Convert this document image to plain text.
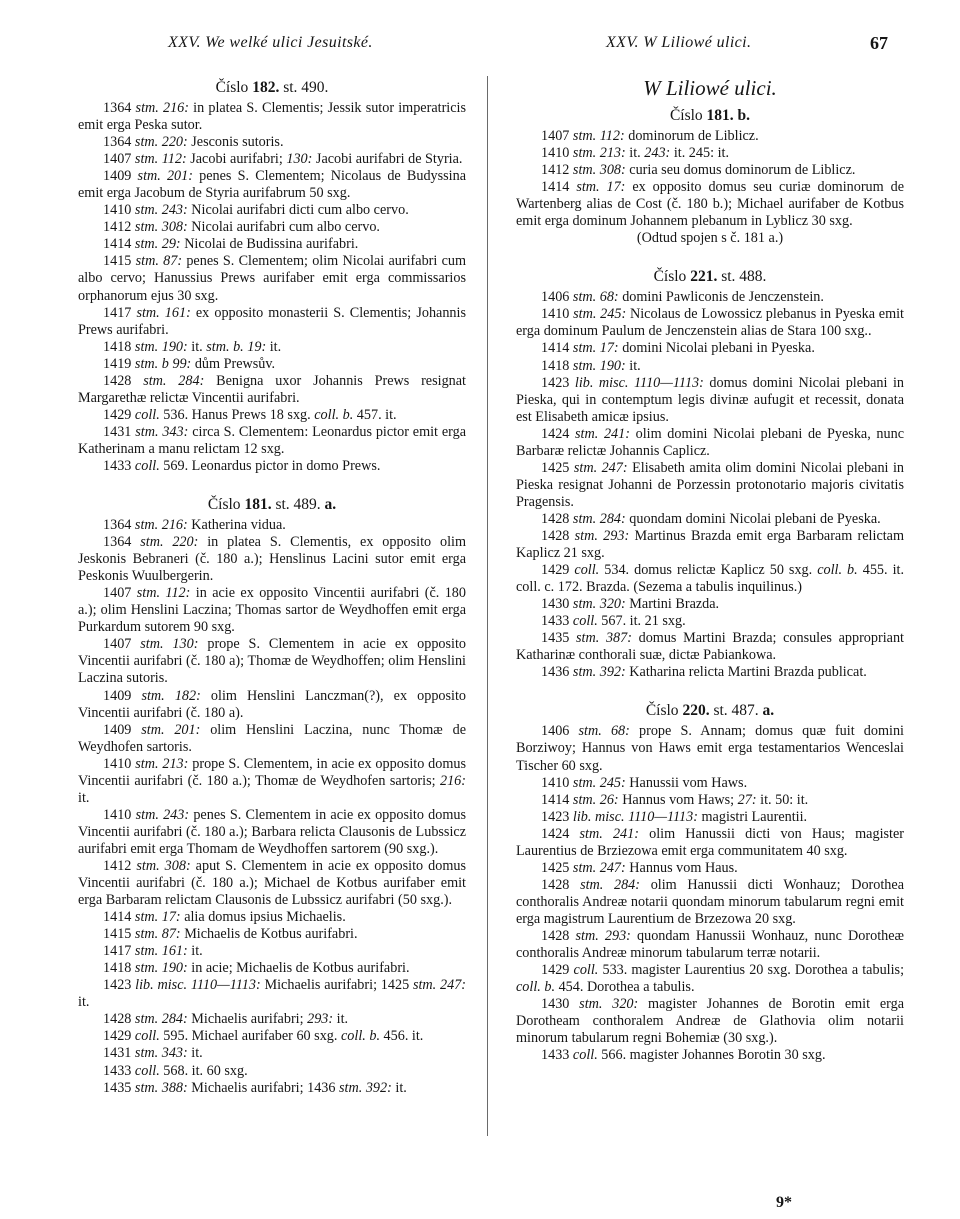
XXV. We welké ulici Jesuitské.	XXV. W Liliowé ulici.	67

Číslo 182. st. 490.

1364 stm. 216: in platea S. Clementis; Jessik sutor imperatricis emit erga Peska sutor.

1364 stm. 220: Jesconis sutoris.

1407 stm. 112: Jacobi aurifabri; 130: Jacobi aurifabri de Styria.

1409 stm. 201: penes S. Clementem; Nicolaus de Budyssina emit erga Jacobum de Styria aurifabrum 50 sxg.

1410 stm. 243: Nicolai aurifabri dicti cum albo cervo.

1412 stm. 308: Nicolai aurifabri cum albo cervo.

1414 stm. 29: Nicolai de Budissina aurifabri.

1415 stm. 87: penes S. Clementem; olim Nicolai aurifabri cum albo cervo; Hanussius Prews aurifaber emit erga commissarios orphanorum ejus 30 sxg.

1417 stm. 161: ex opposito monasterii S. Clementis; Johannis Prews aurifabri.

1418 stm. 190: it. stm. b. 19: it.

1419 stm. b 99: dům Prewsův.

1428 stm. 284: Benigna uxor Johannis Prews resignat Margarethæ relictæ Vincentii aurifabri.

1429 coll. 536. Hanus Prews 18 sxg. coll. b. 457. it.

1431 stm. 343: circa S. Clementem: Leonardus pictor emit erga Katherinam a manu relictam 12 sxg.

1433 coll. 569. Leonardus pictor in domo Prews.

Číslo 181. st. 489. a.

1364 stm. 216: Katherina vidua.

1364 stm. 220: in platea S. Clementis, ex opposito olim Jeskonis Bebraneri (č. 180 a.); Henslinus Lacini sutor emit erga Peskonis Wuulbergerin.

1407 stm. 112: in acie ex opposito Vincentii aurifabri (č. 180 a.); olim Henslini Laczina; Thomas sartor de Weydhoffen emit erga Purkardum sutorem 90 sxg.

1407 stm. 130: prope S. Clementem in acie ex opposito Vincentii aurifabri (č. 180 a); Thomæ de Weydhoffen; olim Henslini Laczina sutoris.

1409 stm. 182: olim Henslini Lanczman(?), ex opposito Vincentii aurifabri (č. 180 a).

1409 stm. 201: olim Henslini Laczina, nunc Thomæ de Weydhofen sartoris.

1410 stm. 213: prope S. Clementem, in acie ex opposito domus Vincentii aurifabri (č. 180 a.); Thomæ de Weydhofen sartoris; 216: it.

1410 stm. 243: penes S. Clementem in acie ex opposito domus Vincentii aurifabri (č. 180 a.); Barbara relicta Clausonis de Lubssicz aurifabri emit erga Thomam de Weydhoffen sartorem (90 sxg.).

1412 stm. 308: aput S. Clementem in acie ex opposito domus Vincentii aurifabri (č. 180 a.); Michael de Kotbus aurifaber emit erga Barbaram relictam Clausonis de Lubssicz aurifabri (50 sxg.).

1414 stm. 17: alia domus ipsius Michaelis.

1415 stm. 87: Michaelis de Kotbus aurifabri.

1417 stm. 161: it.

1418 stm. 190: in acie; Michaelis de Kotbus aurifabri.

1423 lib. misc. 1110—1113: Michaelis aurifabri; 1425 stm. 247: it.

1428 stm. 284: Michaelis aurifabri; 293: it.

1429 coll. 595. Michael aurifaber 60 sxg. coll. b. 456. it.

1431 stm. 343: it.

1433 coll. 568. it. 60 sxg.

1435 stm. 388: Michaelis aurifabri; 1436 stm. 392: it.

W Liliowé ulici.

Číslo 181. b.

1407 stm. 112: dominorum de Liblicz.

1410 stm. 213: it. 243: it. 245: it.

1412 stm. 308: curia seu domus dominorum de Liblicz.

1414 stm. 17: ex opposito domus seu curiæ dominorum de Wartenberg alias de Cost (č. 180 b.); Michael aurifaber de Kotbus emit erga dominum Johannem plebanum in Lyblicz 30 sxg.

(Odtud spojen s č. 181 a.)

Číslo 221. st. 488.

1406 stm. 68: domini Pawliconis de Jenczenstein.

1410 stm. 245: Nicolaus de Lowossicz plebanus in Pyeska emit erga dominum Paulum de Jenczenstein alias de Stara 100 sxg..

1414 stm. 17: domini Nicolai plebani in Pyeska.

1418 stm. 190: it.

1423 lib. misc. 1110—1113: domus domini Nicolai plebani in Pieska, qui in contemptum legis divinæ aufugit et recessit, donata est Elisabeth amicæ ipsius.

1424 stm. 241: olim domini Nicolai plebani de Pyeska, nunc Barbaræ relictæ Johannis Caplicz.

1425 stm. 247: Elisabeth amita olim domini Nicolai plebani in Pieska resignat Johanni de Porzessin protonotario majoris civitatis Pragensis.

1428 stm. 284: quondam domini Nicolai plebani de Pyeska.

1428 stm. 293: Martinus Brazda emit erga Barbaram relictam Kaplicz 21 sxg.

1429 coll. 534. domus relictæ Kaplicz 50 sxg. coll. b. 455. it. coll. c. 172. Brazda. (Sezema a tabulis inquilinus.)

1430 stm. 320: Martini Brazda.

1433 coll. 567. it. 21 sxg.

1435 stm. 387: domus Martini Brazda; consules appropriant Katharinæ conthorali suæ, dictæ Pabiankowa.

1436 stm. 392: Katharina relicta Martini Brazda publicat.

Číslo 220. st. 487. a.

1406 stm. 68: prope S. Annam; domus quæ fuit domini Borziwoy; Hannus von Haws emit erga testamentarios Wenceslai Tischer 60 sxg.

1410 stm. 245: Hanussii vom Haws.

1414 stm. 26: Hannus vom Haws; 27: it. 50: it.

1423 lib. misc. 1110—1113: magistri Laurentii.

1424 stm. 241: olim Hanussii dicti von Haus; magister Laurentius de Brziezowa emit erga communitatem 40 sxg.

1425 stm. 247: Hannus vom Haus.

1428 stm. 284: olim Hanussii dicti Wonhauz; Dorothea conthoralis Andreæ notarii quondam minorum tabularum regni emit erga magistrum Laurentium de Brzezowa 20 sxg.

1428 stm. 293: quondam Hanussii Wonhauz, nunc Dorotheæ conthoralis Andreæ minorum tabularum terræ notarii.

1429 coll. 533. magister Laurentius 20 sxg. Dorothea a tabulis; coll. b. 454. Dorothea a tabulis.

1430 stm. 320: magister Johannes de Borotin emit erga Dorotheam conthoralem Andreæ de Glathovia olim notarii minorum tabularum regni Bohemiæ (30 sxg.).

1433 coll. 566. magister Johannes Borotin 30 sxg.

9*
